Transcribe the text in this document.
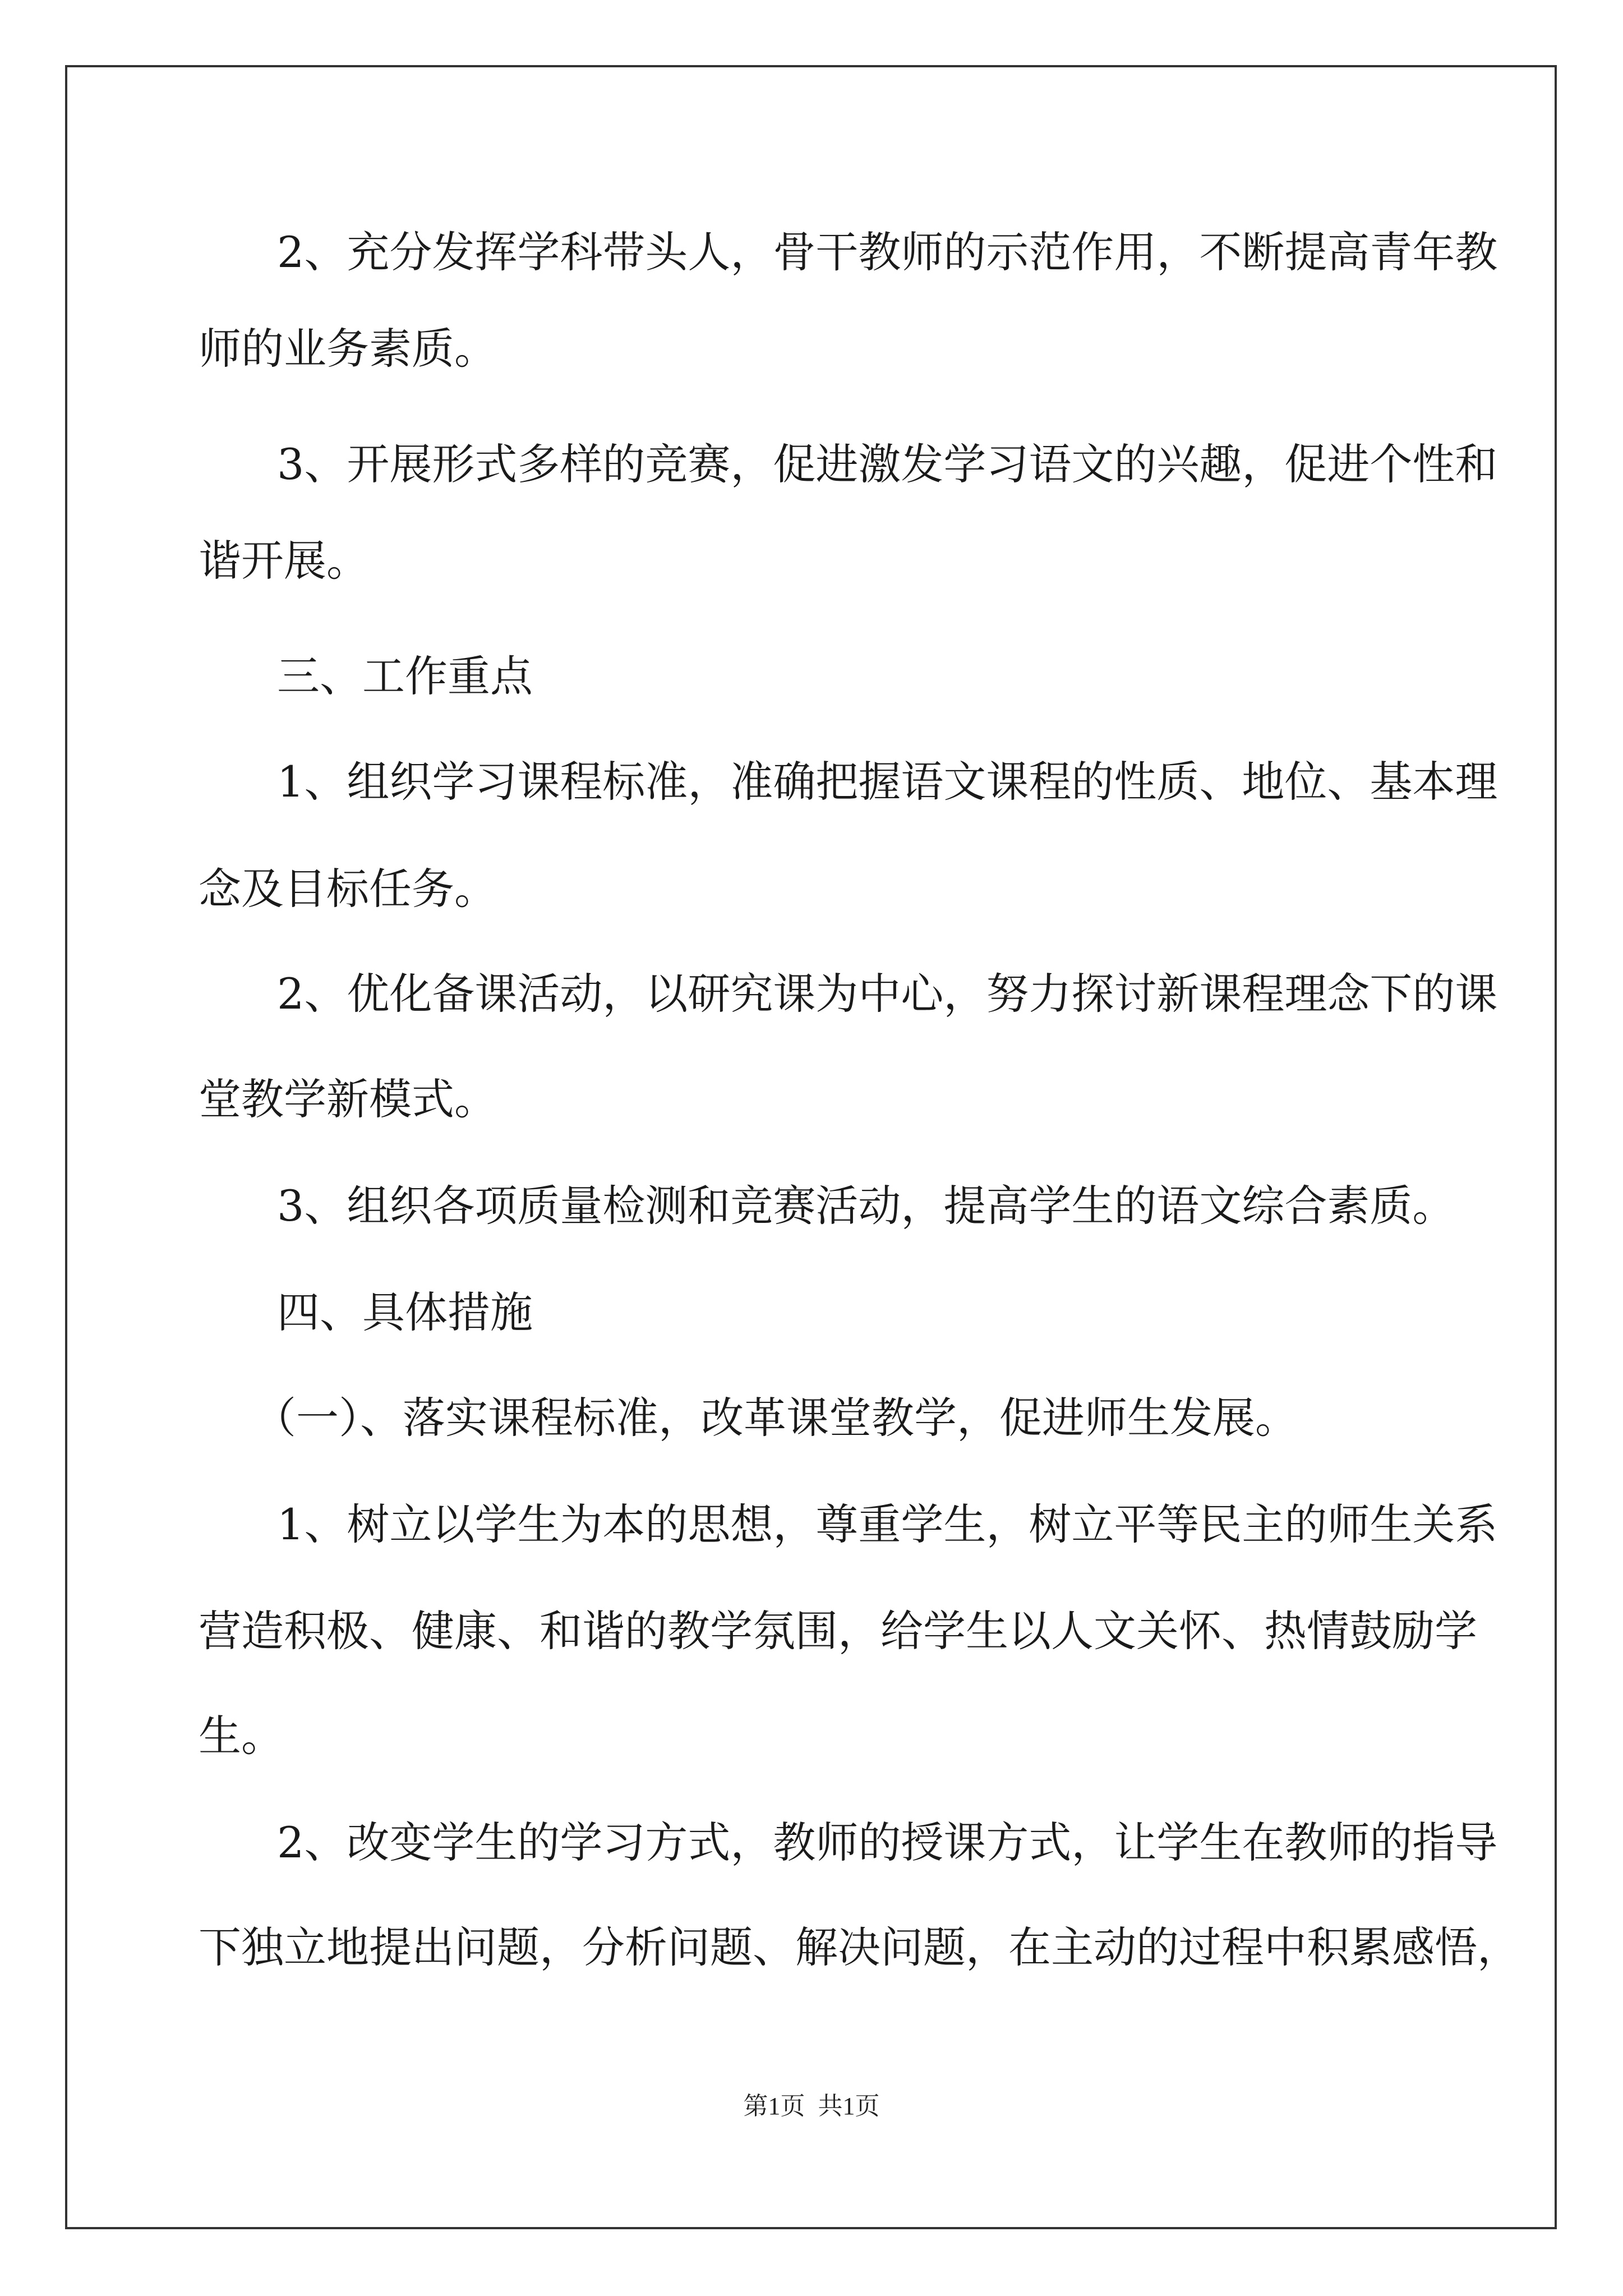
2、充分发挥学科带头人，骨干教师的示范作用，不断提高青年教
师的业务素质。
3、开展形式多样的竞赛，促进激发学习语文的兴趣，促进个性和
谐开展。
三、工作重点
1、组织学习课程标准，准确把握语文课程的性质、地位、基本理
念及目标任务。
2、优化备课活动，以研究课为中心，努力探讨新课程理念下的课
堂教学新模式。
3、组织各项质量检测和竞赛活动，提高学生的语文综合素质。
四、具体措施
（一）、落实课程标准，改革课堂教学，促进师生发展。
1、树立以学生为本的思想，尊重学生，树立平等民主的师生关系
营造积极、健康、和谐的教学氛围，给学生以人文关怀、热情鼓励学
生。
2、改变学生的学习方式，教师的授课方式，让学生在教师的指导
下独立地提出问题，分析问题、解决问题，在主动的过程中积累感悟，
第1页 共1页
